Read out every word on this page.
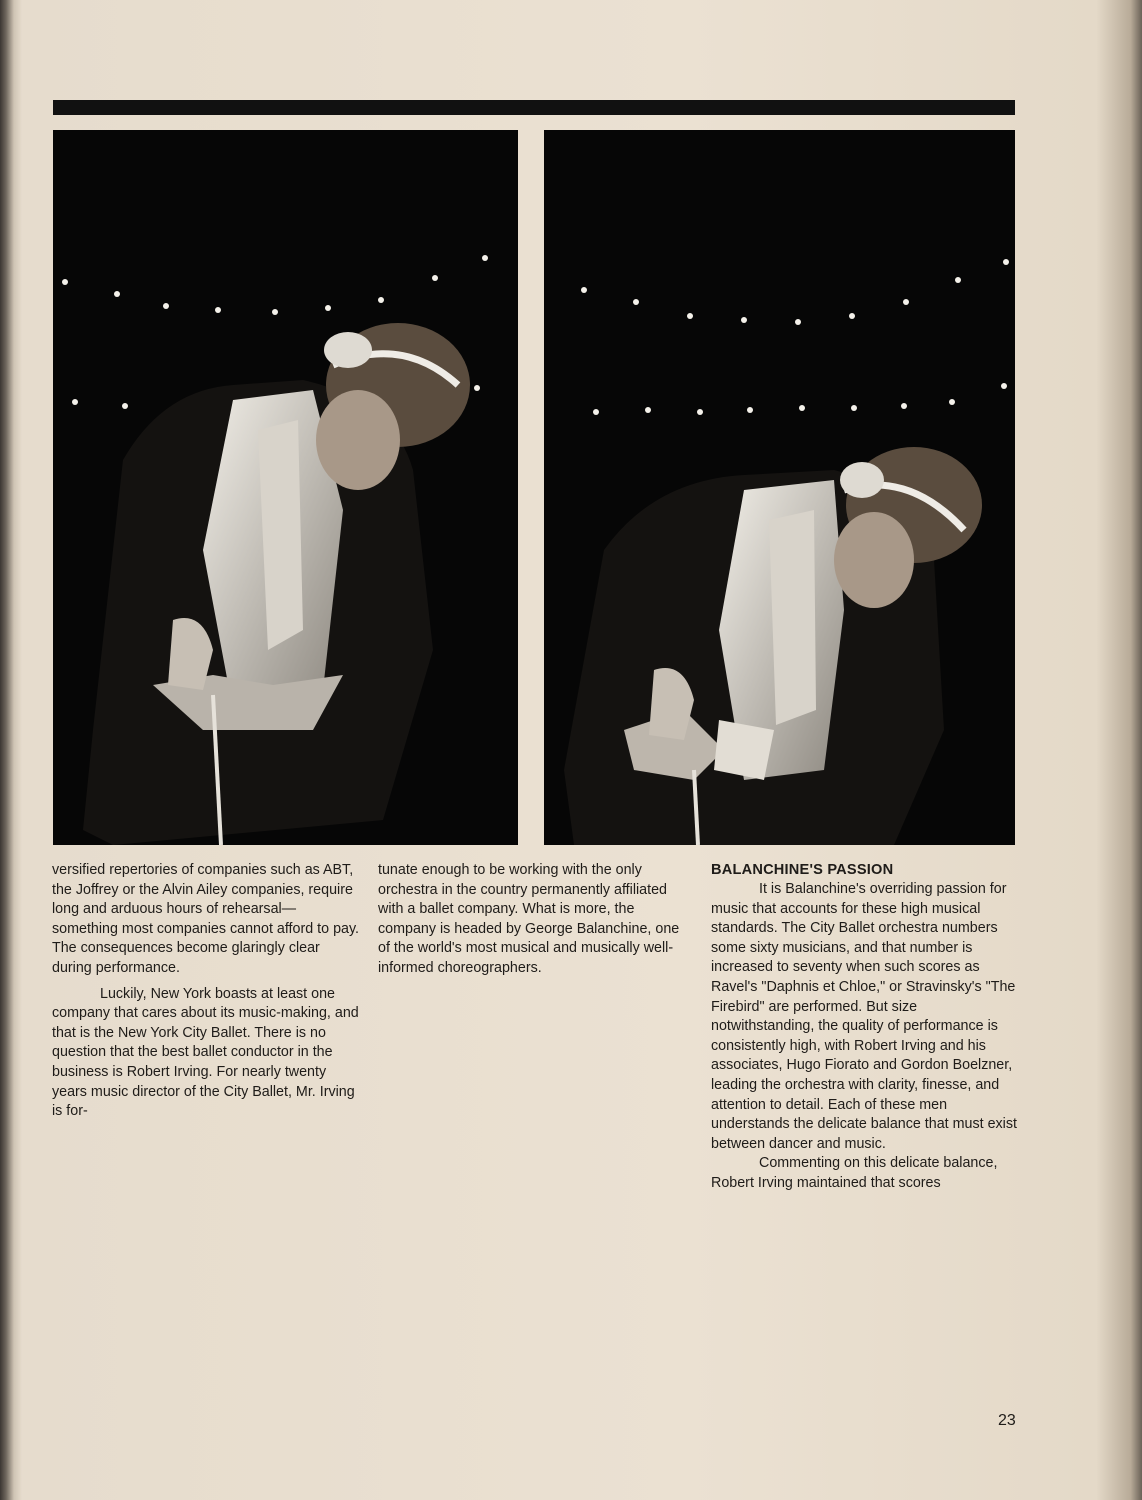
versified repertories of companies such as ABT, the Joffrey or the Alvin Ailey companies, require long and arduous hours of rehearsal—something most companies cannot afford to pay. The consequences become glaringly clear during performance.

Luckily, New York boasts at least one company that cares about its music-making, and that is the New York City Ballet. There is no question that the best ballet conductor in the business is Robert Irving. For nearly twenty years music director of the City Ballet, Mr. Irving is for-

tunate enough to be working with the only orchestra in the country permanently affiliated with a ballet company. What is more, the company is headed by George Balanchine, one of the world's most musical and musically well-informed choreographers.

BALANCHINE'S PASSION

It is Balanchine's overriding passion for music that accounts for these high musical standards. The City Ballet orchestra numbers some sixty musicians, and that number is increased to seventy when such scores as Ravel's "Daphnis et Chloe," or Stravinsky's "The Firebird" are performed. But size notwithstanding, the quality of performance is consistently high, with Robert Irving and his associates, Hugo Fiorato and Gordon Boelzner, leading the orchestra with clarity, finesse, and attention to detail. Each of these men understands the delicate balance that must exist between dancer and music.

Commenting on this delicate balance, Robert Irving maintained that scores

23
